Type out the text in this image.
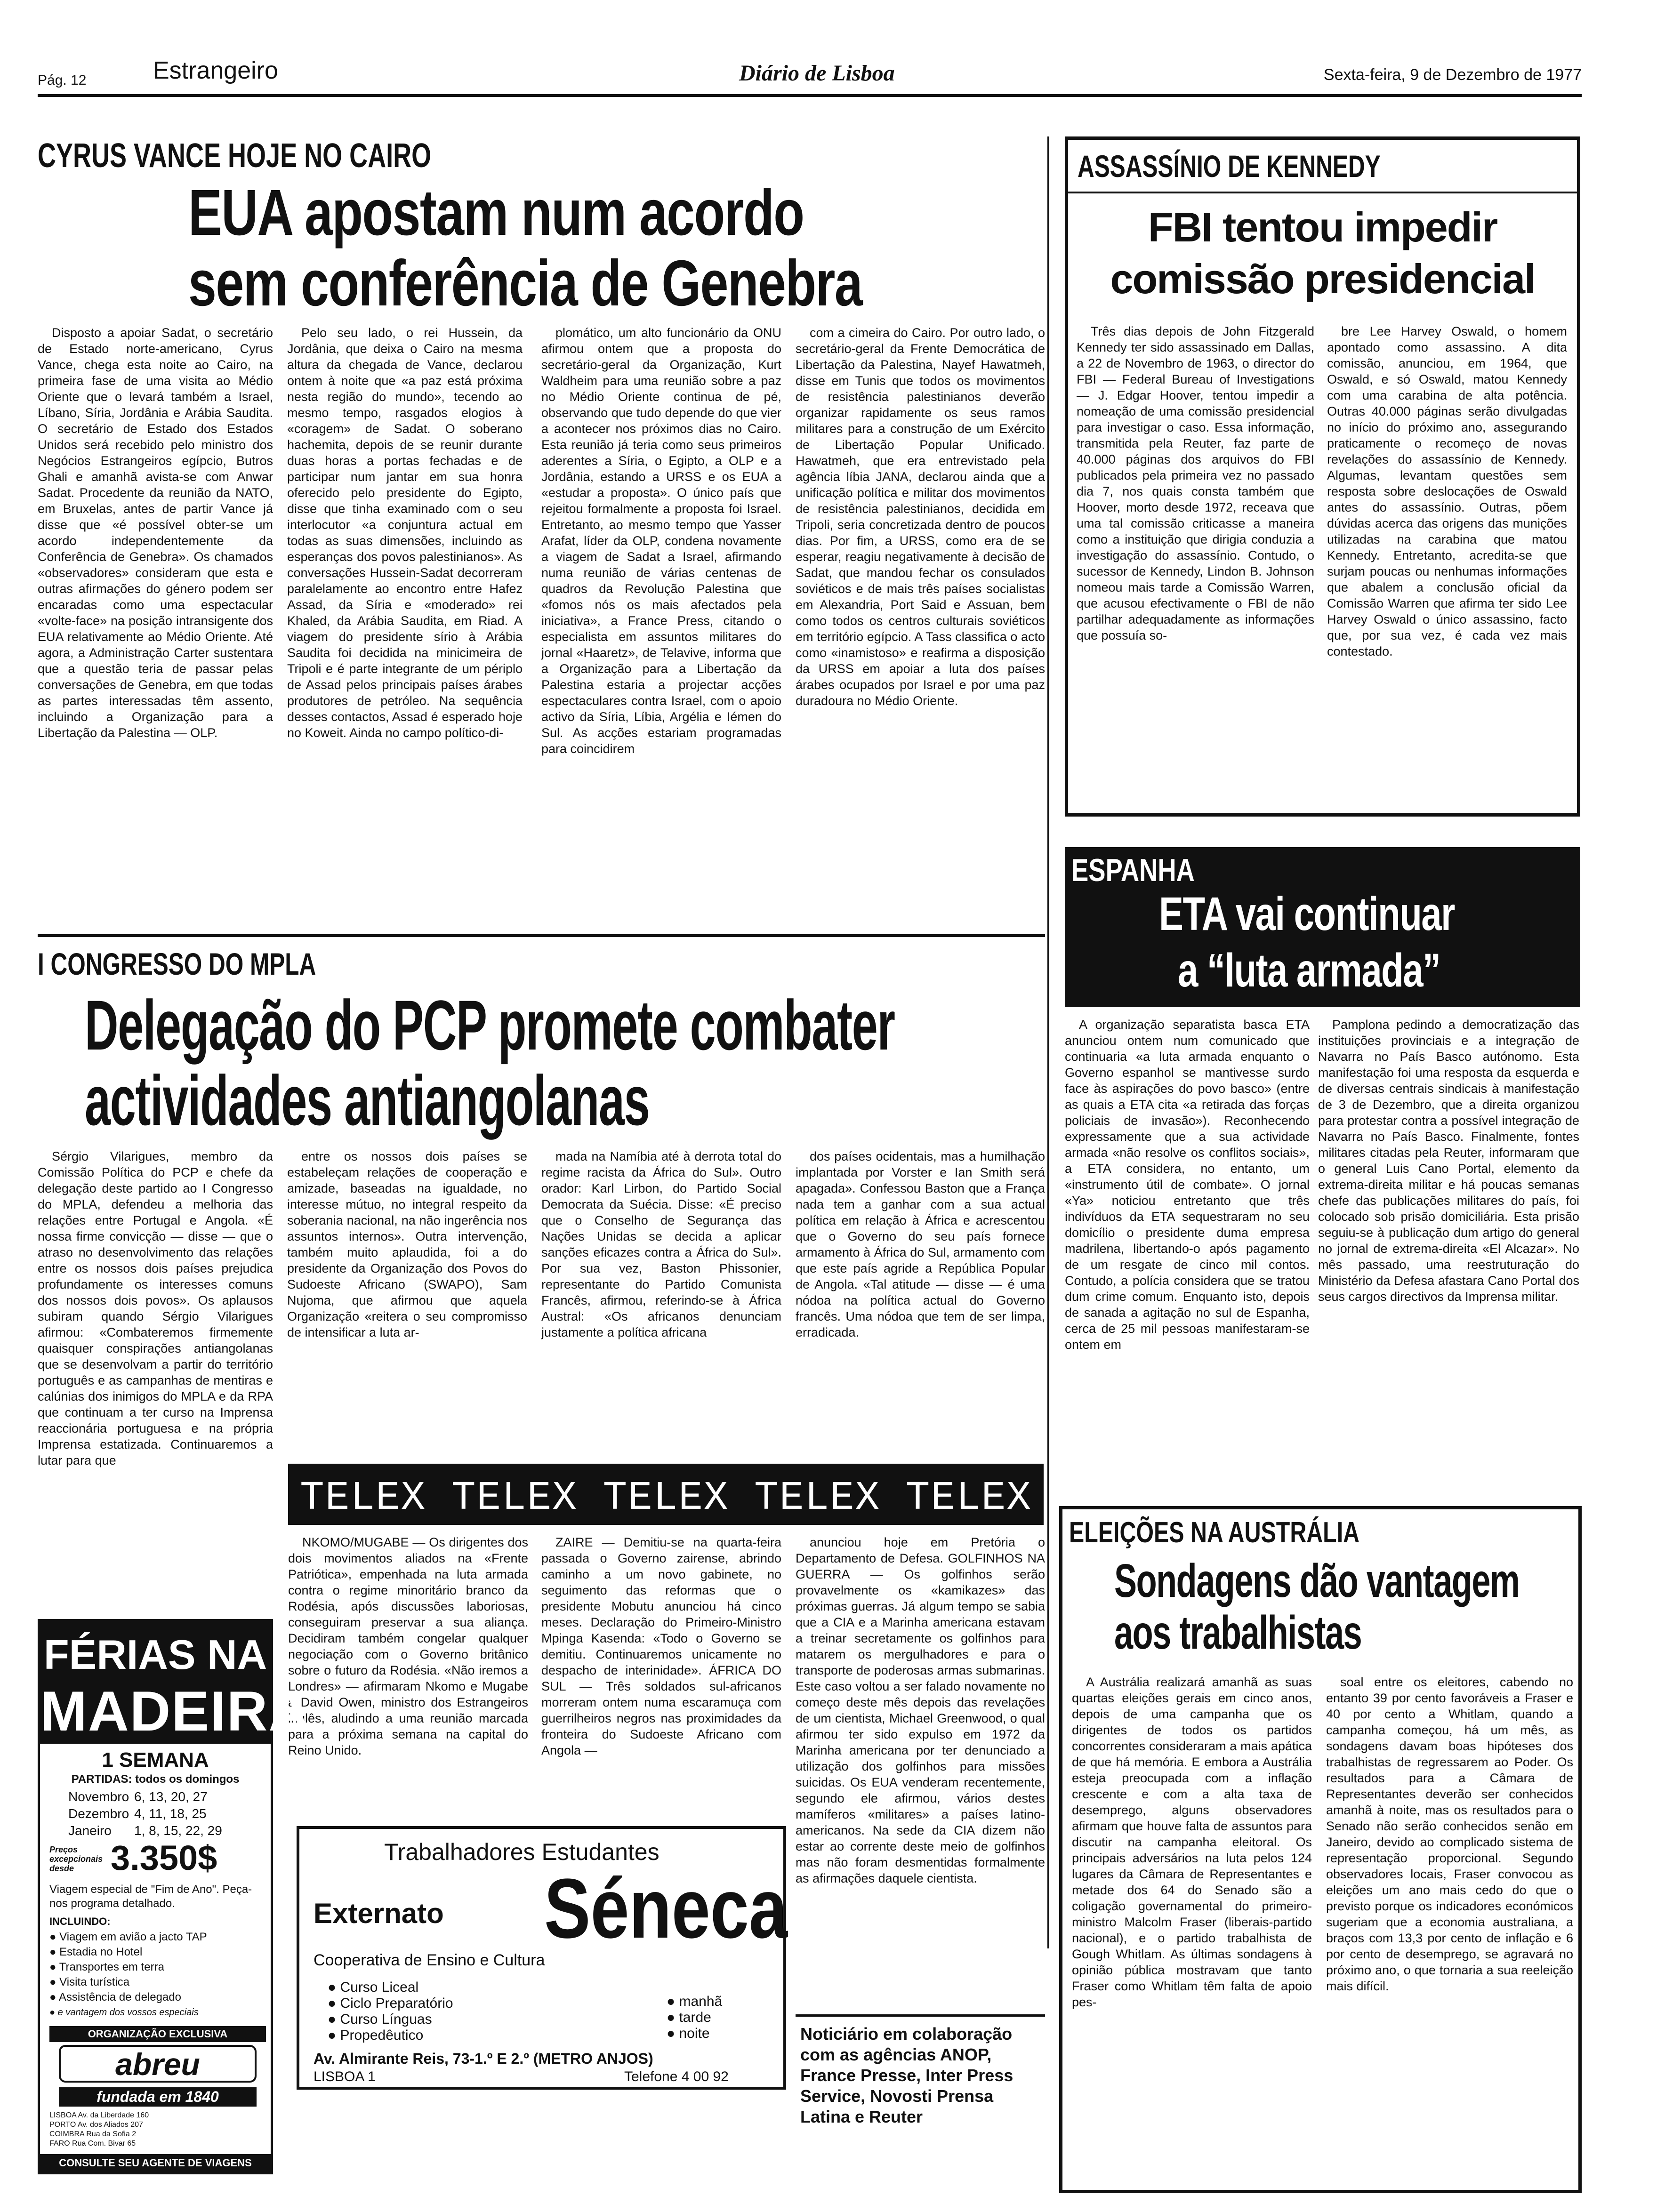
Pág. 12	Estrangeiro	Diário de Lisboa	Sexta-feira, 9 de Dezembro de 1977
CYRUS VANCE HOJE NO CAIRO
EUA apostam num acordo
sem conferência de Genebra

Disposto a apoiar Sadat, o secretário de Estado norte-americano, Cyrus Vance, chega esta noite ao Cairo, na primeira fase de uma visita ao Médio Oriente que o levará também a Israel, Líbano, Síria, Jordânia e Arábia Saudita. O secretário de Estado dos Estados Unidos será recebido pelo ministro dos Negócios Estrangeiros egípcio, Butros Ghali e amanhã avista-se com Anwar Sadat. Procedente da reunião da NATO, em Bruxelas, antes de partir Vance já disse que «é possível obter-se um acordo independentemente da Conferência de Genebra». Os chamados «observadores» consideram que esta e outras afirmações do género podem ser encaradas como uma espectacular «volte-face» na posição intransigente dos EUA relativamente ao Médio Oriente. Até agora, a Administração Carter sustentara que a questão teria de passar pelas conversações de Genebra, em que todas as partes interessadas têm assento, incluindo a Organização para a Libertação da Palestina — OLP.

Pelo seu lado, o rei Hussein, da Jordânia, que deixa o Cairo na mesma altura da chegada de Vance, declarou ontem à noite que «a paz está próxima nesta região do mundo», tecendo ao mesmo tempo, rasgados elogios à «coragem» de Sadat. O soberano hachemita, depois de se reunir durante duas horas a portas fechadas e de participar num jantar em sua honra oferecido pelo presidente do Egipto, disse que tinha examinado com o seu interlocutor «a conjuntura actual em todas as suas dimensões, incluindo as esperanças dos povos palestinianos». As conversações Hussein-Sadat decorreram paralelamente ao encontro entre Hafez Assad, da Síria e «moderado» rei Khaled, da Arábia Saudita, em Riad. A viagem do presidente sírio à Arábia Saudita foi decidida na minicimeira de Tripoli e é parte integrante de um périplo de Assad pelos principais países árabes produtores de petróleo. Na sequência desses contactos, Assad é esperado hoje no Koweit. Ainda no campo político-di-

plomático, um alto funcionário da ONU afirmou ontem que a proposta do secretário-geral da Organização, Kurt Waldheim para uma reunião sobre a paz no Médio Oriente continua de pé, observando que tudo depende do que vier a acontecer nos próximos dias no Cairo. Esta reunião já teria como seus primeiros aderentes a Síria, o Egipto, a OLP e a Jordânia, estando a URSS e os EUA a «estudar a proposta». O único país que rejeitou formalmente a proposta foi Israel. Entretanto, ao mesmo tempo que Yasser Arafat, líder da OLP, condena novamente a viagem de Sadat a Israel, afirmando numa reunião de várias centenas de quadros da Revolução Palestina que «fomos nós os mais afectados pela iniciativa», a France Press, citando o especialista em assuntos militares do jornal «Haaretz», de Telavive, informa que a Organização para a Libertação da Palestina estaria a projectar acções espectaculares contra Israel, com o apoio activo da Síria, Líbia, Argélia e Iémen do Sul. As acções estariam programadas para coincidirem

com a cimeira do Cairo. Por outro lado, o secretário-geral da Frente Democrática de Libertação da Palestina, Nayef Hawatmeh, disse em Tunis que todos os movimentos de resistência palestinianos deverão organizar rapidamente os seus ramos militares para a construção de um Exército de Libertação Popular Unificado. Hawatmeh, que era entrevistado pela agência líbia JANA, declarou ainda que a unificação política e militar dos movimentos de resistência palestinianos, decidida em Tripoli, seria concretizada dentro de poucos dias. Por fim, a URSS, como era de se esperar, reagiu negativamente à decisão de Sadat, que mandou fechar os consulados soviéticos e de mais três países socialistas em Alexandria, Port Said e Assuan, bem como todos os centros culturais soviéticos em território egípcio. A Tass classifica o acto como «inamistoso» e reafirma a disposição da URSS em apoiar a luta dos países árabes ocupados por Israel e por uma paz duradoura no Médio Oriente.

ASSASSÍNIO DE KENNEDY
FBI tentou impedir
comissão presidencial

Três dias depois de John Fitzgerald Kennedy ter sido assassinado em Dallas, a 22 de Novembro de 1963, o director do FBI — Federal Bureau of Investigations — J. Edgar Hoover, tentou impedir a nomeação de uma comissão presidencial para investigar o caso. Essa informação, transmitida pela Reuter, faz parte de 40.000 páginas dos arquivos do FBI publicados pela primeira vez no passado dia 7, nos quais consta também que Hoover, morto desde 1972, receava que uma tal comissão criticasse a maneira como a instituição que dirigia conduzia a investigação do assassínio. Contudo, o sucessor de Kennedy, Lindon B. Johnson nomeou mais tarde a Comissão Warren, que acusou efectivamente o FBI de não partilhar adequadamente as informações que possuía so-

bre Lee Harvey Oswald, o homem apontado como assassino. A dita comissão, anunciou, em 1964, que Oswald, e só Oswald, matou Kennedy com uma carabina de alta potência. Outras 40.000 páginas serão divulgadas no início do próximo ano, assegurando praticamente o recomeço de novas revelações do assassínio de Kennedy. Algumas, levantam questões sem resposta sobre deslocações de Oswald antes do assassínio. Outras, põem dúvidas acerca das origens das munições utilizadas na carabina que matou Kennedy. Entretanto, acredita-se que surjam poucas ou nenhumas informações que abalem a conclusão oficial da Comissão Warren que afirma ter sido Lee Harvey Oswald o único assassino, facto que, por sua vez, é cada vez mais contestado.

ESPANHA
ETA vai continuar
a “luta armada”

A organização separatista basca ETA anunciou ontem num comunicado que continuaria «a luta armada enquanto o Governo espanhol se mantivesse surdo face às aspirações do povo basco» (entre as quais a ETA cita «a retirada das forças policiais de invasão»). Reconhecendo expressamente que a sua actividade armada «não resolve os conflitos sociais», a ETA considera, no entanto, um «instrumento útil de combate». O jornal «Ya» noticiou entretanto que três indivíduos da ETA sequestraram no seu domicílio o presidente duma empresa madrilena, libertando-o após pagamento de um resgate de cinco mil contos. Contudo, a polícia considera que se tratou dum crime comum. Enquanto isto, depois de sanada a agitação no sul de Espanha, cerca de 25 mil pessoas manifestaram-se ontem em

Pamplona pedindo a democratização das instituições provinciais e a integração de Navarra no País Basco autónomo. Esta manifestação foi uma resposta da esquerda e de diversas centrais sindicais à manifestação de 3 de Dezembro, que a direita organizou para protestar contra a possível integração de Navarra no País Basco. Finalmente, fontes militares citadas pela Reuter, informaram que o general Luis Cano Portal, elemento da extrema-direita militar e há poucas semanas chefe das publicações militares do país, foi colocado sob prisão domiciliária. Esta prisão seguiu-se à publicação dum artigo do general no jornal de extrema-direita «El Alcazar». No mês passado, uma reestruturação do Ministério da Defesa afastara Cano Portal dos seus cargos directivos da Imprensa militar.

I CONGRESSO DO MPLA
Delegação do PCP promete combater
actividades antiangolanas

Sérgio Vilarigues, membro da Comissão Política do PCP e chefe da delegação deste partido ao I Congresso do MPLA, defendeu a melhoria das relações entre Portugal e Angola. «É nossa firme convicção — disse — que o atraso no desenvolvimento das relações entre os nossos dois países prejudica profundamente os interesses comuns dos nossos dois povos». Os aplausos subiram quando Sérgio Vilarigues afirmou: «Combateremos firmemente quaisquer conspirações antiangolanas que se desenvolvam a partir do território português e as campanhas de mentiras e calúnias dos inimigos do MPLA e da RPA que continuam a ter curso na Imprensa reaccionária portuguesa e na própria Imprensa estatizada. Continuaremos a lutar para que

entre os nossos dois países se estabeleçam relações de cooperação e amizade, baseadas na igualdade, no interesse mútuo, no integral respeito da soberania nacional, na não ingerência nos assuntos internos». Outra intervenção, também muito aplaudida, foi a do presidente da Organização dos Povos do Sudoeste Africano (SWAPO), Sam Nujoma, que afirmou que aquela Organização «reitera o seu compromisso de intensificar a luta ar-

mada na Namíbia até à derrota total do regime racista da África do Sul». Outro orador: Karl Lirbon, do Partido Social Democrata da Suécia. Disse: «É preciso que o Conselho de Segurança das Nações Unidas se decida a aplicar sanções eficazes contra a África do Sul». Por sua vez, Baston Phissonier, representante do Partido Comunista Francês, afirmou, referindo-se à África Austral: «Os africanos denunciam justamente a política africana

dos países ocidentais, mas a humilhação implantada por Vorster e Ian Smith será apagada». Confessou Baston que a França nada tem a ganhar com a sua actual política em relação à África e acrescentou que o Governo do seu país fornece armamento à África do Sul, armamento com que este país agride a República Popular de Angola. «Tal atitude — disse — é uma nódoa na política actual do Governo francês. Uma nódoa que tem de ser limpa, erradicada.

TELEX TELEX TELEX TELEX TELEX

NKOMO/MUGABE — Os dirigentes dos dois movimentos aliados na «Frente Patriótica», empenhada na luta armada contra o regime minoritário branco da Rodésia, após discussões laboriosas, conseguiram preservar a sua aliança. Decidiram também congelar qualquer negociação com o Governo britânico sobre o futuro da Rodésia. «Não iremos a Londres» — afirmaram Nkomo e Mugabe a David Owen, ministro dos Estrangeiros inglês, aludindo a uma reunião marcada para a próxima semana na capital do Reino Unido.

ZAIRE — Demitiu-se na quarta-feira passada o Governo zairense, abrindo caminho a um novo gabinete, no seguimento das reformas que o presidente Mobutu anunciou há cinco meses. Declaração do Primeiro-Ministro Mpinga Kasenda: «Todo o Governo se demitiu. Continuaremos unicamente no despacho de interinidade». ÁFRICA DO SUL — Três soldados sul-africanos morreram ontem numa escaramuça com guerrilheiros negros nas proximidades da fronteira do Sudoeste Africano com Angola —

anunciou hoje em Pretória o Departamento de Defesa. GOLFINHOS NA GUERRA — Os golfinhos serão provavelmente os «kamikazes» das próximas guerras. Já algum tempo se sabia que a CIA e a Marinha americana estavam a treinar secretamente os golfinhos para matarem os mergulhadores e para o transporte de poderosas armas submarinas. Este caso voltou a ser falado novamente no começo deste mês depois das revelações de um cientista, Michael Greenwood, o qual afirmou ter sido expulso em 1972 da Marinha americana por ter denunciado a utilização dos golfinhos para missões suicidas. Os EUA venderam recentemente, segundo ele afirmou, vários destes mamíferos «militares» a países latino-americanos. Na sede da CIA dizem não estar ao corrente deste meio de golfinhos mas não foram desmentidas formalmente as afirmações daquele cientista.

Noticiário em colaboração com as agências ANOP, France Presse, Inter Press Service, Novosti Prensa Latina e Reuter
FÉRIAS NA
MADEIRA
1 SEMANA
PARTIDAS: todos os domingos
Novembro 6, 13, 20, 27
Dezembro 4, 11, 18, 25
Janeiro 1, 8, 15, 22, 29
Preços excepcionais desde	3.350$
Viagem especial de "Fim de Ano". Peça-nos programa detalhado.
INCLUINDO:
● Viagem em avião a jacto TAP
● Estadia no Hotel
● Transportes em terra
● Visita turística
● Assistência de delegado
● e vantagem dos vossos especiais
ORGANIZAÇÃO EXCLUSIVA
abreu
fundada em 1840
LISBOA Av. da Liberdade 160
PORTO Av. dos Aliados 207
COIMBRA Rua da Sofia 2
FARO Rua Com. Bivar 65
CONSULTE SEU AGENTE DE VIAGENS
Trabalhadores Estudantes
Externato Séneca
Cooperativa de Ensino e Cultura
● Curso Liceal
● Ciclo Preparatório
● Curso Línguas
● Propedêutico
● manhã
● tarde
● noite
Av. Almirante Reis, 73-1.º E 2.º (METRO ANJOS)
LISBOA 1	Telefone 4 00 92
ELEIÇÕES NA AUSTRÁLIA
Sondagens dão vantagem
aos trabalhistas

A Austrália realizará amanhã as suas quartas eleições gerais em cinco anos, depois de uma campanha que os dirigentes de todos os partidos concorrentes consideraram a mais apática de que há memória. E embora a Austrália esteja preocupada com a inflação crescente e com a alta taxa de desemprego, alguns observadores afirmam que houve falta de assuntos para discutir na campanha eleitoral. Os principais adversários na luta pelos 124 lugares da Câmara de Representantes e metade dos 64 do Senado são a coligação governamental do primeiro-ministro Malcolm Fraser (liberais-partido nacional), e o partido trabalhista de Gough Whitlam. As últimas sondagens à opinião pública mostravam que tanto Fraser como Whitlam têm falta de apoio pes-

soal entre os eleitores, cabendo no entanto 39 por cento favoráveis a Fraser e 40 por cento a Whitlam, quando a campanha começou, há um mês, as sondagens davam boas hipóteses dos trabalhistas de regressarem ao Poder. Os resultados para a Câmara de Representantes deverão ser conhecidos amanhã à noite, mas os resultados para o Senado não serão conhecidos senão em Janeiro, devido ao complicado sistema de representação proporcional. Segundo observadores locais, Fraser convocou as eleições um ano mais cedo do que o previsto porque os indicadores económicos sugeriam que a economia australiana, a braços com 13,3 por cento de inflação e 6 por cento de desemprego, se agravará no próximo ano, o que tornaria a sua reeleição mais difícil.
